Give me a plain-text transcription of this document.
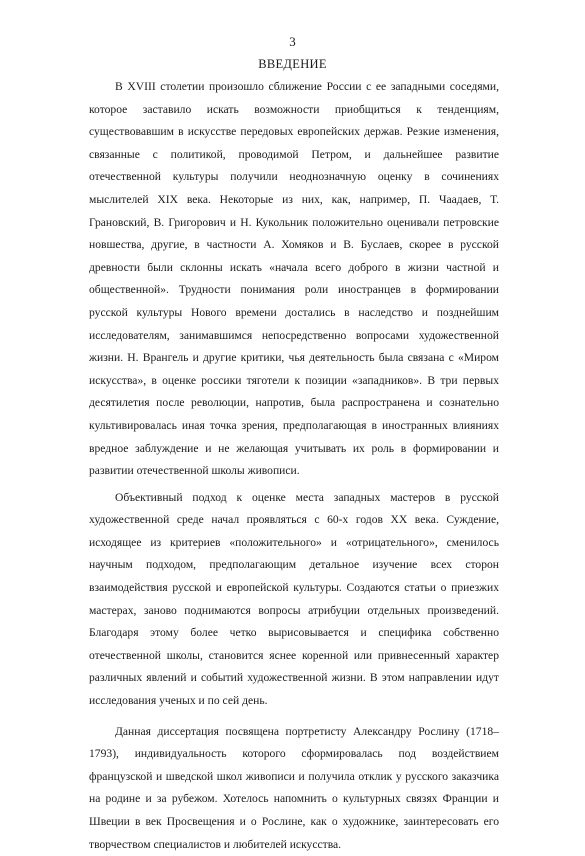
3
ВВЕДЕНИЕ

В XVIII столетии произошло сближение России с ее западными соседями, которое заставило искать возможности приобщиться к тенденциям, существовавшим в искусстве передовых европейских держав. Резкие изменения, связанные с политикой, проводимой Петром, и дальнейшее развитие отечественной культуры получили неоднозначную оценку в сочинениях мыслителей XIX века. Некоторые из них, как, например, П. Чаадаев, Т. Грановский, В. Григорович и Н. Кукольник положительно оценивали петровские новшества, другие, в частности А. Хомяков и В. Буслаев, скорее в русской древности были склонны искать «начала всего доброго в жизни частной и общественной». Трудности понимания роли иностранцев в формировании русской культуры Нового времени достались в наследство и позднейшим исследователям, занимавшимся непосредственно вопросами художественной жизни. Н. Врангель и другие критики, чья деятельность была связана с «Миром искусства», в оценке россики тяготели к позиции «западников». В три первых десятилетия после революции, напротив, была распространена и сознательно культивировалась иная точка зрения, предполагающая в иностранных влияниях вредное заблуждение и не желающая учитывать их роль в формировании и развитии отечественной школы живописи.

Объективный подход к оценке места западных мастеров в русской художественной среде начал проявляться с 60-х годов XX века. Суждение, исходящее из критериев «положительного» и «отрицательного», сменилось научным подходом, предполагающим детальное изучение всех сторон взаимодействия русской и европейской культуры. Создаются статьи о приезжих мастерах, заново поднимаются вопросы атрибуции отдельных произведений. Благодаря этому более четко вырисовывается и специфика собственно отечественной школы, становится яснее коренной или привнесенный характер различных явлений и событий художественной жизни. В этом направлении идут исследования ученых и по сей день.

Данная диссертация посвящена портретисту Александру Рослину (1718–1793), индивидуальность которого сформировалась под воздействием французской и шведской школ живописи и получила отклик у русского заказчика на родине и за рубежом. Хотелось напомнить о культурных связях Франции и Швеции в век Просвещения и о Рослине, как о художнике, заинтересовать его творчеством специалистов и любителей искусства.
